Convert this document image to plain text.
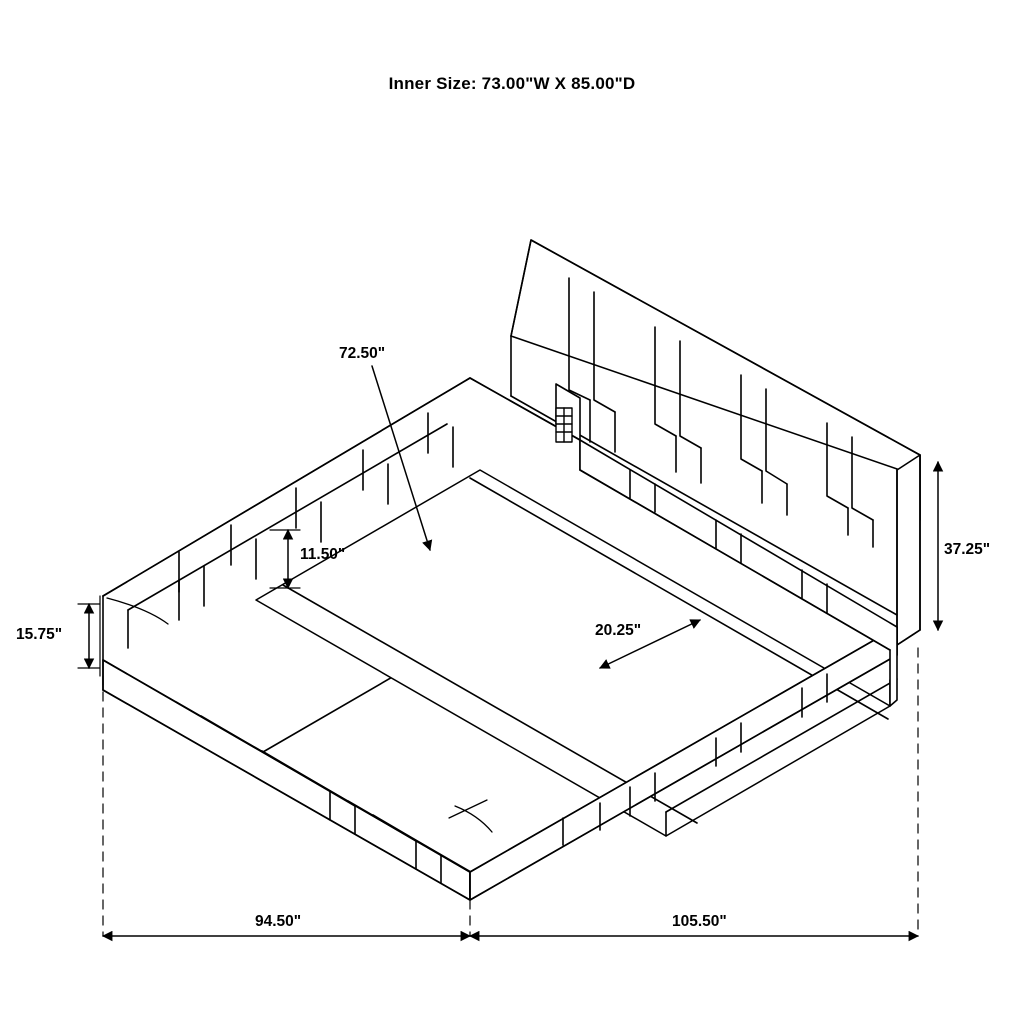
Inner Size: 73.00"W X 85.00"D
72.50"
11.50"
15.75"	20.25"
37.25"
94.50"	105.50"
